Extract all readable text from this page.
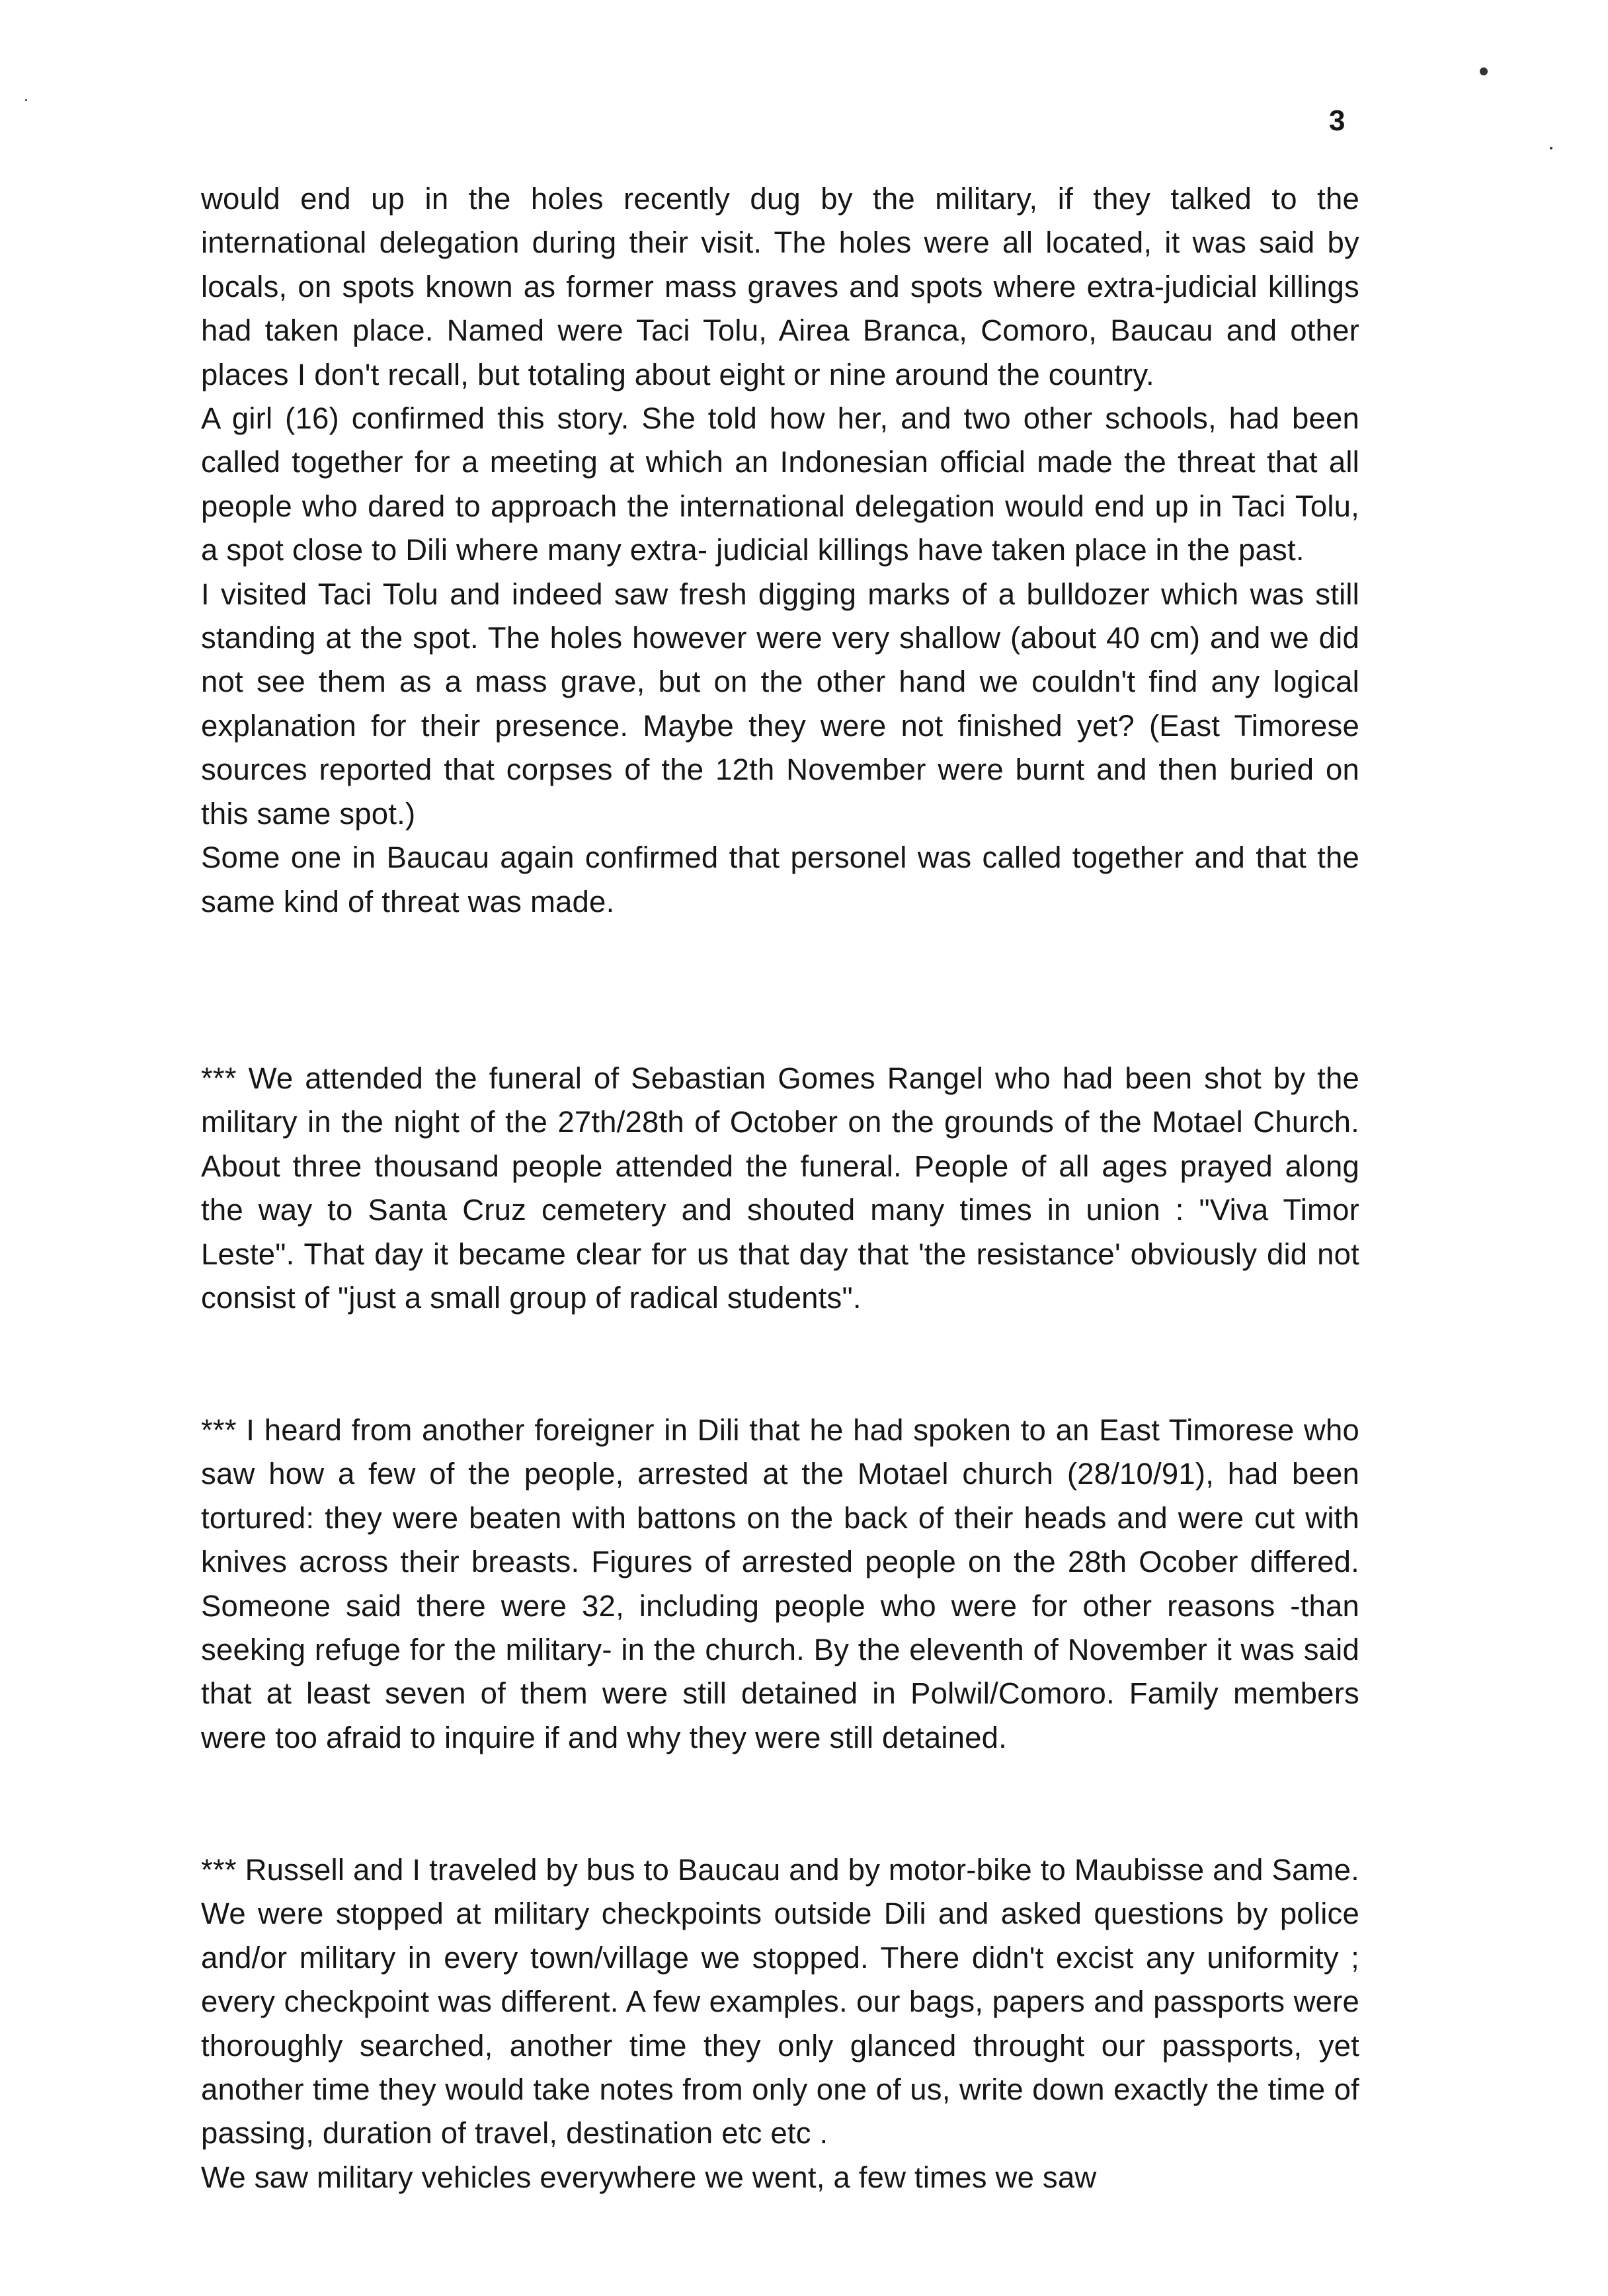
3

would end up in the holes recently dug by the military, if they talked to the international delegation during their visit. The holes were all located, it was said by locals, on spots known as former mass graves and spots where extra-judicial killings had taken place. Named were Taci Tolu, Airea Branca, Comoro, Baucau and other places I don't recall, but totaling about eight or nine around the country.

A girl (16) confirmed this story. She told how her, and two other schools, had been called together for a meeting at which an Indonesian official made the threat that all people who dared to approach the international delegation would end up in Taci Tolu, a spot close to Dili where many extra- judicial killings have taken place in the past.

I visited Taci Tolu and indeed saw fresh digging marks of a bulldozer which was still standing at the spot. The holes however were very shallow (about 40 cm) and we did not see them as a mass grave, but on the other hand we couldn't find any logical explanation for their presence. Maybe they were not finished yet? (East Timorese sources reported that corpses of the 12th November were burnt and then buried on this same spot.)

Some one in Baucau again confirmed that personel was called together and that the same kind of threat was made.

*** We attended the funeral of Sebastian Gomes Rangel who had been shot by the military in the night of the 27th/28th of October on the grounds of the Motael Church. About three thousand people attended the funeral. People of all ages prayed along the way to Santa Cruz cemetery and shouted many times in union : "Viva Timor Leste". That day it became clear for us that day that 'the resistance' obviously did not consist of "just a small group of radical students".

*** I heard from another foreigner in Dili that he had spoken to an East Timorese who saw how a few of the people, arrested at the Motael church (28/10/91), had been tortured: they were beaten with battons on the back of their heads and were cut with knives across their breasts. Figures of arrested people on the 28th Ocober differed. Someone said there were 32, including people who were for other reasons -than seeking refuge for the military- in the church. By the eleventh of November it was said that at least seven of them were still detained in Polwil/Comoro. Family members were too afraid to inquire if and why they were still detained.

*** Russell and I traveled by bus to Baucau and by motor-bike to Maubisse and Same. We were stopped at military checkpoints outside Dili and asked questions by police and/or military in every town/village we stopped. There didn't excist any uniformity ; every checkpoint was different. A few examples. our bags, papers and passports were thoroughly searched, another time they only glanced throught our passports, yet another time they would take notes from only one of us, write down exactly the time of passing, duration of travel, destination etc etc .

We saw military vehicles everywhere we went, a few times we saw
